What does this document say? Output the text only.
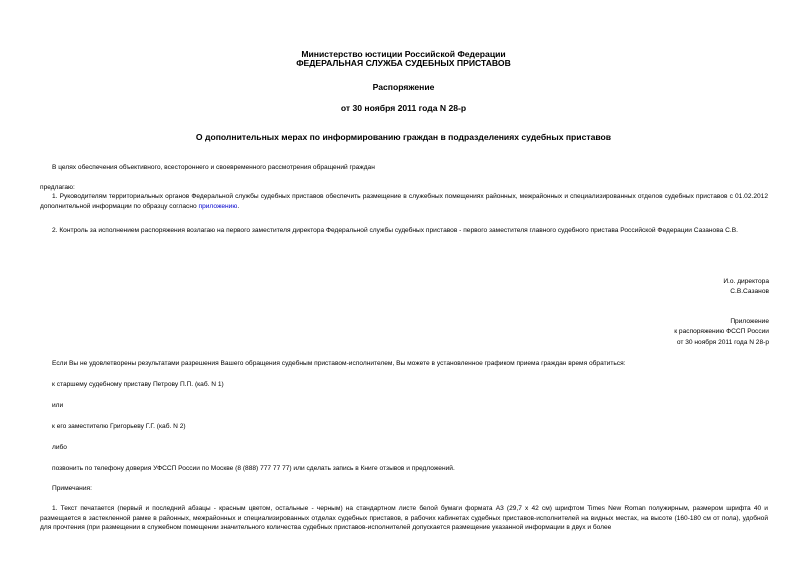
Министерство юстиции Российской Федерации
ФЕДЕРАЛЬНАЯ СЛУЖБА СУДЕБНЫХ ПРИСТАВОВ
Распоряжение
от 30 ноября 2011 года N 28-р
О дополнительных мерах по информированию граждан в подразделениях судебных приставов
В целях обеспечения объективного, всестороннего и своевременного рассмотрения обращений граждан
предлагаю:
1. Руководителям территориальных органов Федеральной службы судебных приставов обеспечить размещение в служебных помещениях районных, межрайонных и специализированных отделов судебных приставов с 01.02.2012 дополнительной информации по образцу согласно приложению.
2. Контроль за исполнением распоряжения возлагаю на первого заместителя директора Федеральной службы судебных приставов - первого заместителя главного судебного пристава Российской Федерации Сазанова С.В.
И.о. директора
С.В.Сазанов
Приложение
к распоряжению ФССП России
от 30 ноября 2011 года N 28-р
Если Вы не удовлетворены результатами разрешения Вашего обращения судебным приставом-исполнителем, Вы можете в установленное графиком приема граждан время обратиться:
к старшему судебному приставу Петрову П.П. (каб. N 1)
или
к его заместителю Григорьеву Г.Г. (каб. N 2)
либо
позвонить по телефону доверия УФССП России по Москве (8 (888) 777 77 77) или сделать запись в Книге отзывов и предложений.
Примечания:
1. Текст печатается (первый и последний абзацы - красным цветом, остальные - черным) на стандартном листе белой бумаги формата А3 (29,7 х 42 см) шрифтом Times New Roman полужирным, размером шрифта 40 и размещается в застекленной рамке в районных, межрайонных и специализированных отделах судебных приставов, в рабочих кабинетах судебных приставов-исполнителей на видных местах, на высоте (160-180 см от пола), удобной для прочтения (при размещении в служебном помещении значительного количества судебных приставов-исполнителей допускается размещение указанной информации в двух и более
